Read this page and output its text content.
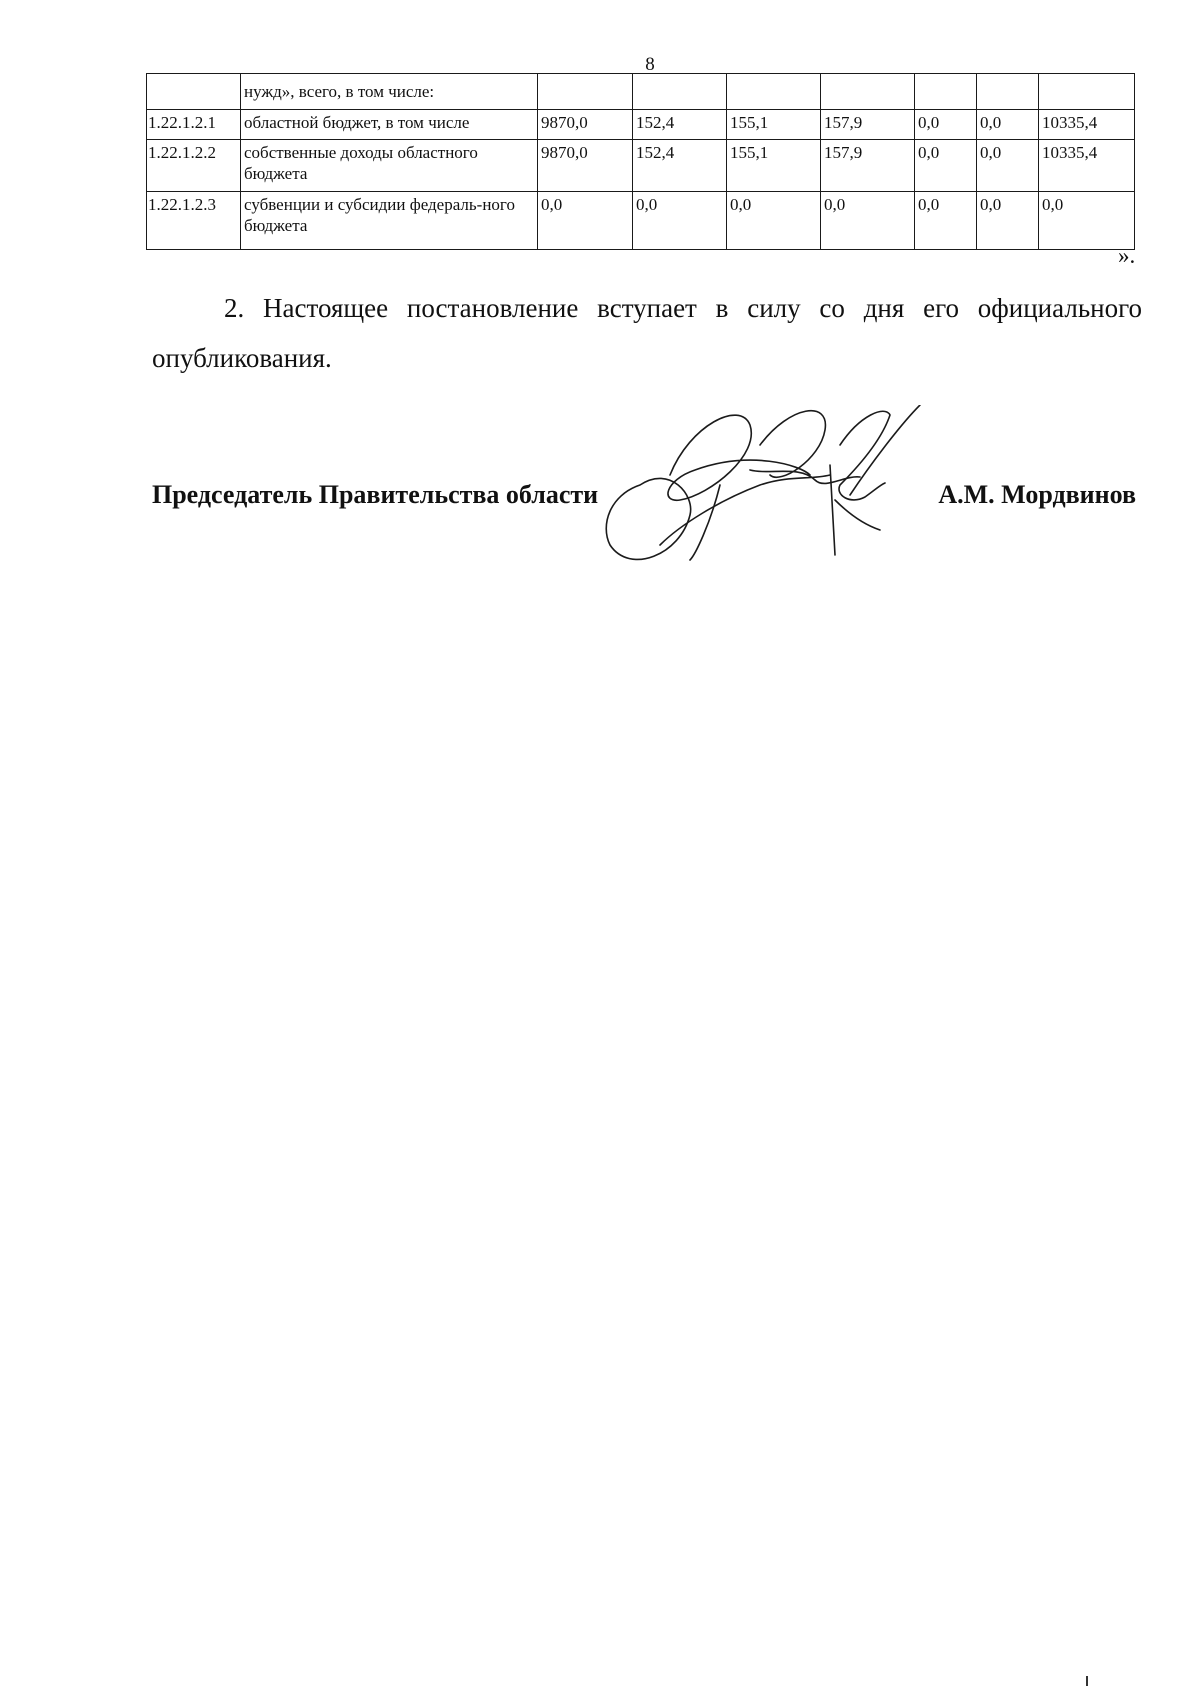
8
	нужд», всего, в том числе:							
1.22.1.2.1	областной бюджет, в том числе	9870,0	152,4	155,1	157,9	0,0	0,0	10335,4
1.22.1.2.2	собственные доходы областного бюджета	9870,0	152,4	155,1	157,9	0,0	0,0	10335,4
1.22.1.2.3	субвенции и субсидии федераль-ного бюджета	0,0	0,0	0,0	0,0	0,0	0,0	0,0
».

2. Настоящее постановление вступает в силу со дня его официального опубликования.

Председатель Правительства области	А.М. Мордвинов
